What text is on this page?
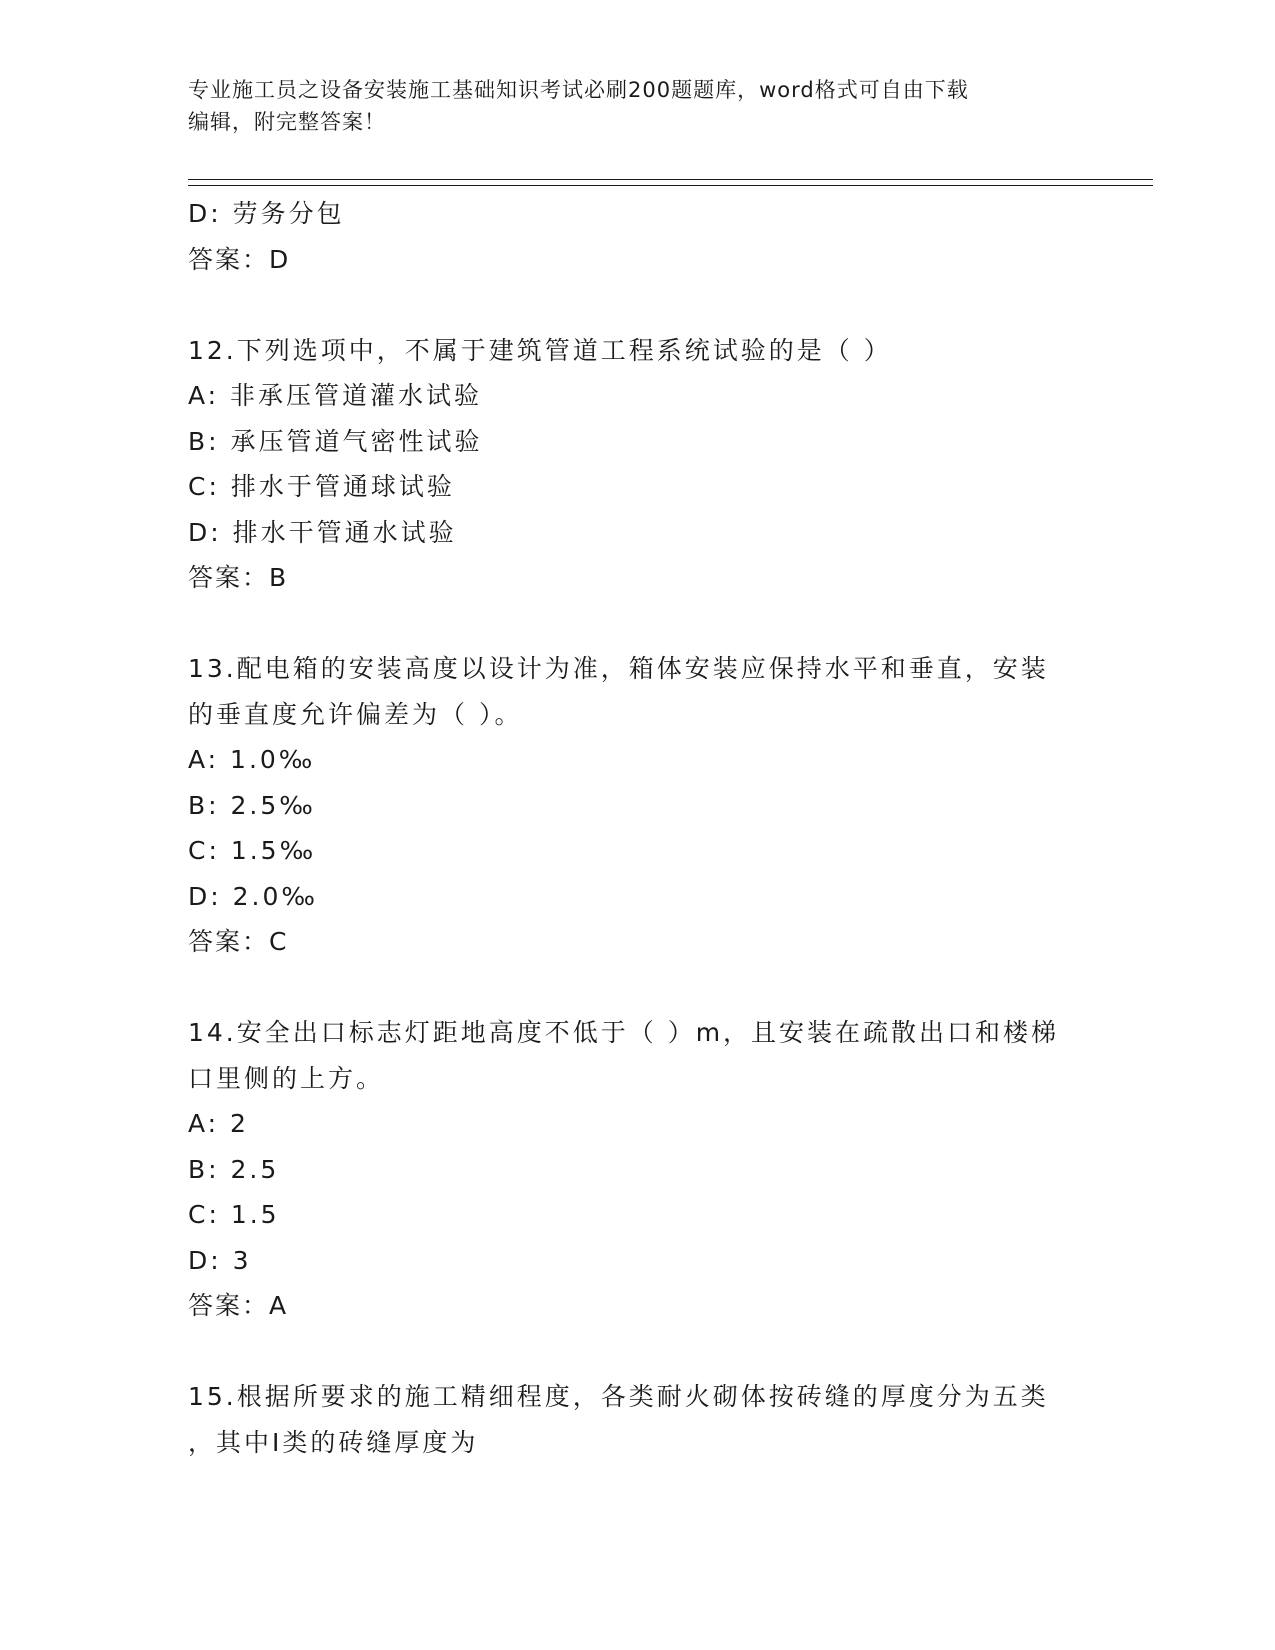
专业施工员之设备安装施工基础知识考试必刷200题题库，word格式可自由下载
编辑，附完整答案！
D: 劳务分包
答案：D
12.下列选项中，不属于建筑管道工程系统试验的是（ ）
A: 非承压管道灌水试验
B: 承压管道气密性试验
C: 排水于管通球试验
D: 排水干管通水试验
答案：B
13.配电箱的安装高度以设计为准，箱体安装应保持水平和垂直，安装
的垂直度允许偏差为（ ）。
A: 1.0‰
B: 2.5‰
C: 1.5‰
D: 2.0‰
答案：C
14.安全出口标志灯距地高度不低于（ ）m，且安装在疏散出口和楼梯
口里侧的上方。
A: 2
B: 2.5
C: 1.5
D: 3
答案：A
15.根据所要求的施工精细程度，各类耐火砌体按砖缝的厚度分为五类
，其中Ⅰ类的砖缝厚度为
